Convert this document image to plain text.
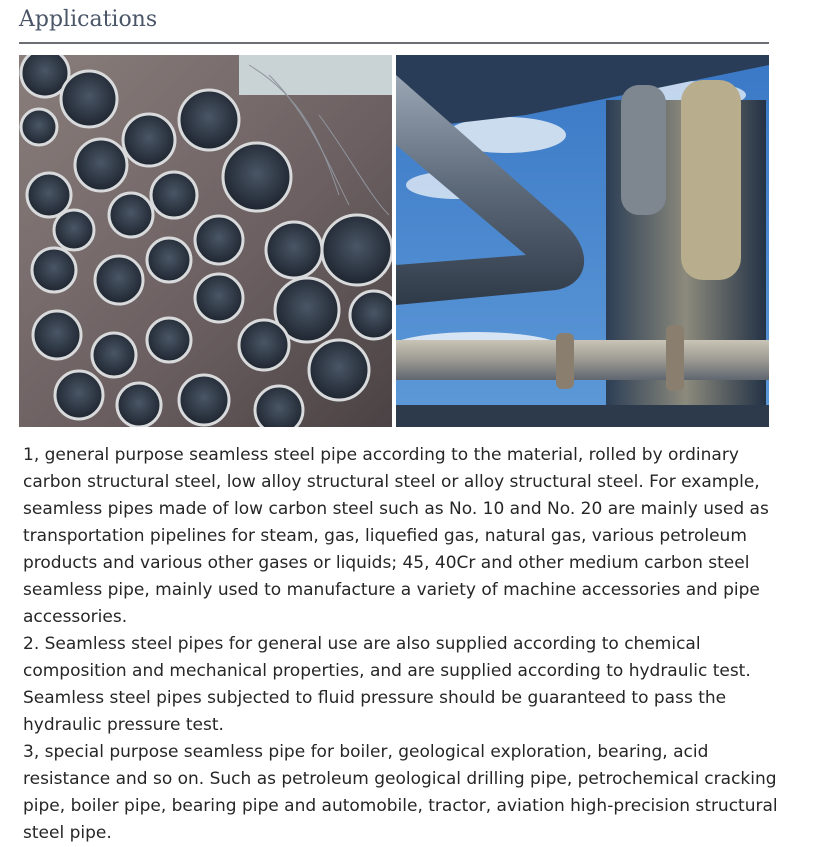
Applications

1, general purpose seamless steel pipe according to the material, rolled by ordinary carbon structural steel, low alloy structural steel or alloy structural steel. For example, seamless pipes made of low carbon steel such as No. 10 and No. 20 are mainly used as transportation pipelines for steam, gas, liquefied gas, natural gas, various petroleum products and various other gases or liquids; 45, 40Cr and other medium carbon steel seamless pipe, mainly used to manufacture a variety of machine accessories and pipe accessories.

2. Seamless steel pipes for general use are also supplied according to chemical composition and mechanical properties, and are supplied according to hydraulic test. Seamless steel pipes subjected to fluid pressure should be guaranteed to pass the hydraulic pressure test.

3, special purpose seamless pipe for boiler, geological exploration, bearing, acid resistance and so on. Such as petroleum geological drilling pipe, petrochemical cracking pipe, boiler pipe, bearing pipe and automobile, tractor, aviation high-precision structural steel pipe.
